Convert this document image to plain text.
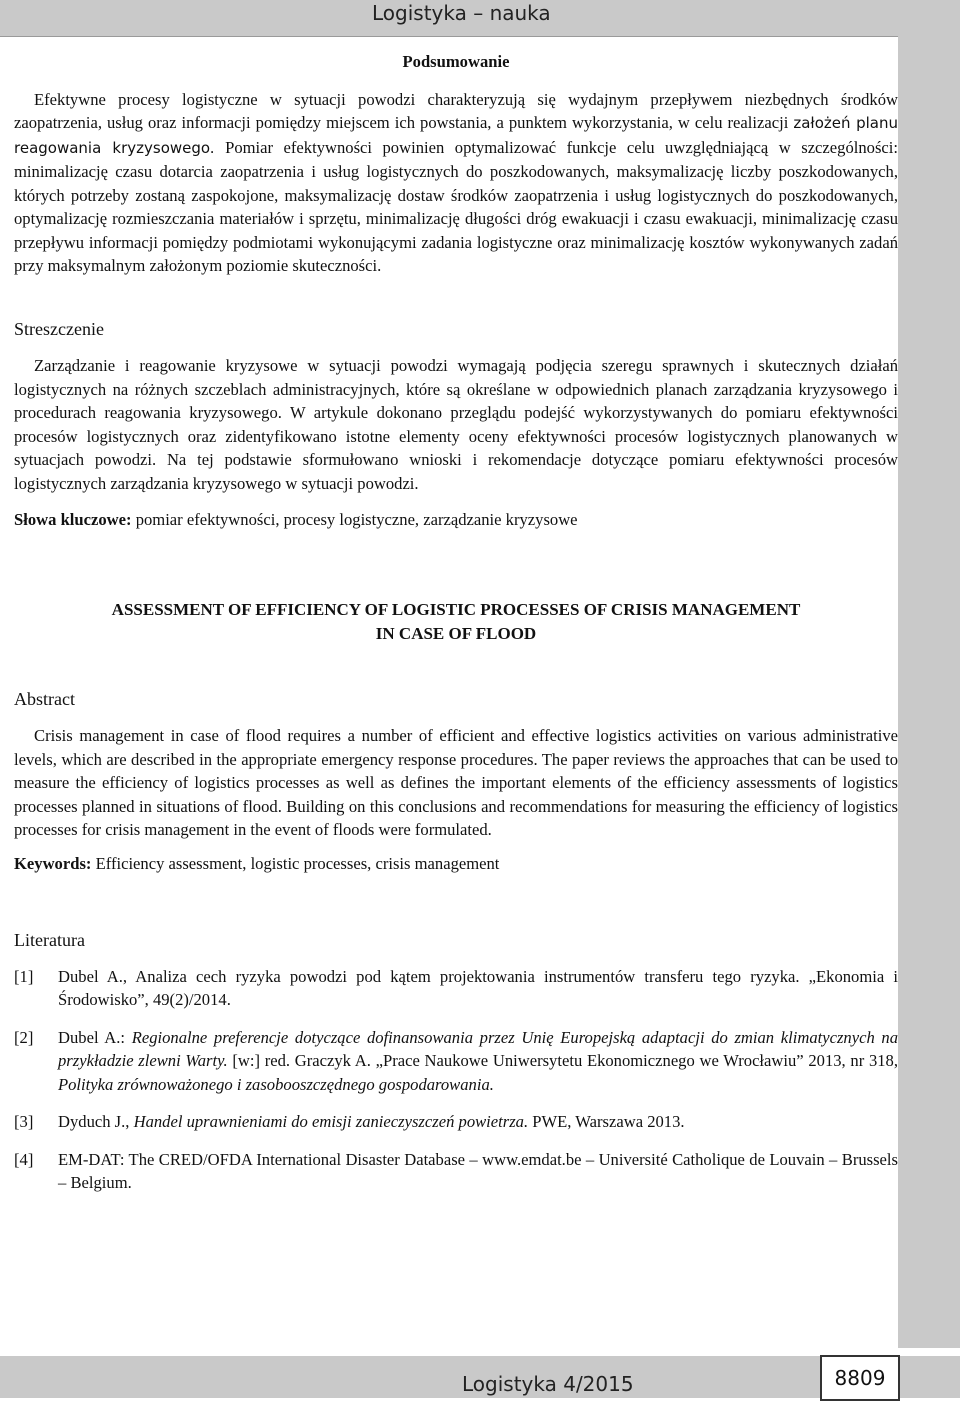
Logistyka – nauka

Podsumowanie

Efektywne procesy logistyczne w sytuacji powodzi charakteryzują się wydajnym przepływem niezbędnych środków zaopatrzenia, usług oraz informacji pomiędzy miejscem ich powstania, a punktem wykorzystania, w celu realizacji założeń planu reagowania kryzysowego. Pomiar efektywności powinien optymalizować funkcje celu uwzględniającą w szczególności: minimalizację czasu dotarcia zaopatrzenia i usług logistycznych do poszkodowanych, maksymalizację liczby poszkodowanych, których potrzeby zostaną zaspokojone, maksymalizację dostaw środków zaopatrzenia i usług logistycznych do poszkodowanych, optymalizację rozmieszczania materiałów i sprzętu, minimalizację długości dróg ewakuacji i czasu ewakuacji, minimalizację czasu przepływu informacji pomiędzy podmiotami wykonującymi zadania logistyczne oraz minimalizację kosztów wykonywanych zadań przy maksymalnym założonym poziomie skuteczności.

Streszczenie

Zarządzanie i reagowanie kryzysowe w sytuacji powodzi wymagają podjęcia szeregu sprawnych i skutecznych działań logistycznych na różnych szczeblach administracyjnych, które są określane w odpowiednich planach zarządzania kryzysowego i procedurach reagowania kryzysowego. W artykule dokonano przeglądu podejść wykorzystywanych do pomiaru efektywności procesów logistycznych oraz zidentyfikowano istotne elementy oceny efektywności procesów logistycznych planowanych w sytuacjach powodzi. Na tej podstawie sformułowano wnioski i rekomendacje dotyczące pomiaru efektywności procesów logistycznych zarządzania kryzysowego w sytuacji powodzi.

Słowa kluczowe: pomiar efektywności, procesy logistyczne, zarządzanie kryzysowe

ASSESSMENT OF EFFICIENCY OF LOGISTIC PROCESSES OF CRISIS MANAGEMENT

IN CASE OF FLOOD

Abstract

Crisis management in case of flood requires a number of efficient and effective logistics activities on various administrative levels, which are described in the appropriate emergency response procedures. The paper reviews the approaches that can be used to measure the efficiency of logistics processes as well as defines the important elements of the efficiency assessments of logistics processes planned in situations of flood. Building on this conclusions and recommendations for measuring the efficiency of logistics processes for crisis management in the event of floods were formulated.

Keywords: Efficiency assessment, logistic processes, crisis management

Literatura

[1] Dubel A., Analiza cech ryzyka powodzi pod kątem projektowania instrumentów transferu tego ryzyka. „Ekonomia i Środowisko”, 49(2)/2014.

[2] Dubel A.: Regionalne preferencje dotyczące dofinansowania przez Unię Europejską adaptacji do zmian klimatycznych na przykładzie zlewni Warty. [w:] red. Graczyk A. „Prace Naukowe Uniwersytetu Ekonomicznego we Wrocławiu” 2013, nr 318, Polityka zrównoważonego i zasobooszczędnego gospodarowania.

[3] Dyduch J., Handel uprawnieniami do emisji zanieczyszczeń powietrza. PWE, Warszawa 2013.

[4] EM-DAT: The CRED/OFDA International Disaster Database – www.emdat.be – Université Catholique de Louvain – Brussels – Belgium.

Logistyka 4/2015	8809
